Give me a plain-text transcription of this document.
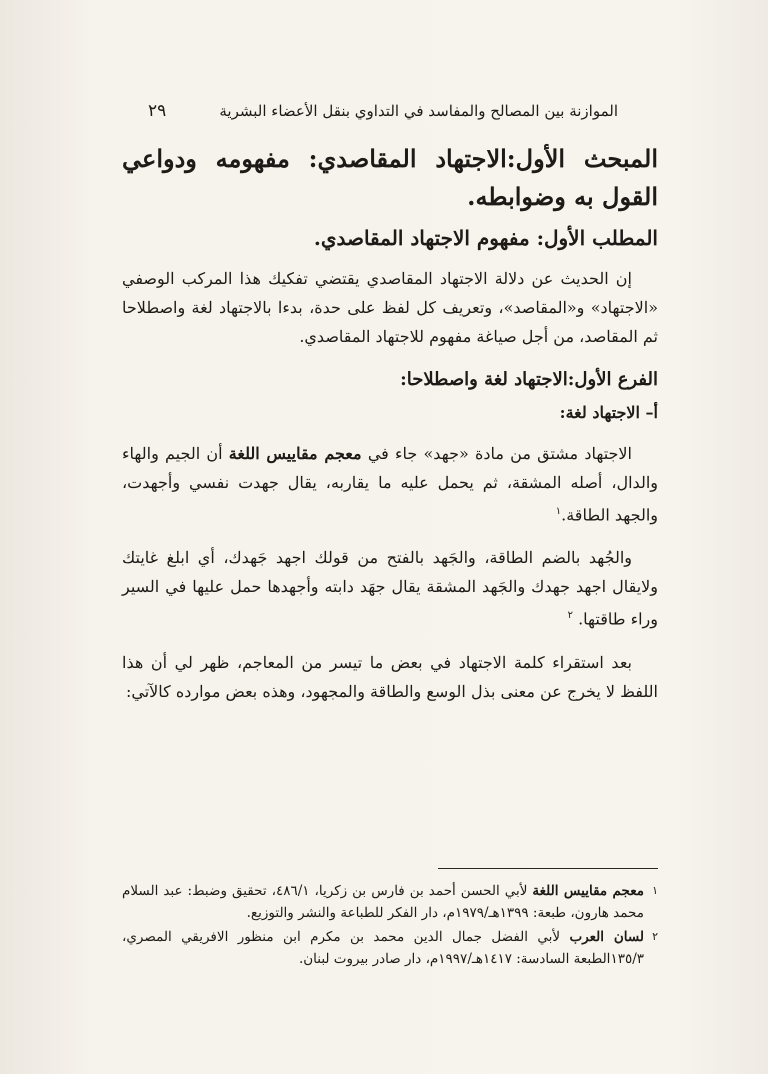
٢٩	الموازنة بين المصالح والمفاسد في التداوي بنقل الأعضاء البشرية
المبحث الأول:الاجتهاد المقاصدي: مفهومه ودواعي القول به وضوابطه.
المطلب الأول: مفهوم الاجتهاد المقاصدي.

إن الحديث عن دلالة الاجتهاد المقاصدي يقتضي تفكيك هذا المركب الوصفي «الاجتهاد» و«المقاصد»، وتعريف كل لفظ على حدة، بدءا بالاجتهاد لغة واصطلاحا ثم المقاصد، من أجل صياغة مفهوم للاجتهاد المقاصدي.

الفرع الأول:الاجتهاد لغة واصطلاحا:
أ– الاجتهاد لغة:

الاجتهاد مشتق من مادة «جهد» جاء في معجم مقاييس اللغة أن الجيم والهاء والدال، أصله المشقة، ثم يحمل عليه ما يقاربه، يقال جهدت نفسي وأجهدت، والجهد الطاقة.$^١$

والجُهد بالضم الطاقة، والجَهد بالفتح من قولك اجهد جَهدك، أي ابلغ غايتك ولايقال اجهد جهدك والجَهد المشقة يقال جهَد دابته وأجهدها حمل عليها في السير وراء طاقتها. $^٢$

بعد استقراء كلمة الاجتهاد في بعض ما تيسر من المعاجم، ظهر لي أن هذا اللفظ لا يخرج عن معنى بذل الوسع والطاقة والمجهود، وهذه بعض موارده كالآتي:

١
معجم مقاييس اللغة لأبي الحسن أحمد بن فارس بن زكريا، ٤٨٦/١، تحقيق وضبط: عبد السلام محمد هارون، طبعة: ١٣٩٩هـ/١٩٧٩م، دار الفكر للطباعة والنشر والتوزيع.
٢
لسان العرب لأبي الفضل جمال الدين محمد بن مكرم ابن منظور الافريقي المصري، ١٣٥/٣الطبعة السادسة: ١٤١٧هـ/١٩٩٧م، دار صادر بيروت لبنان.
